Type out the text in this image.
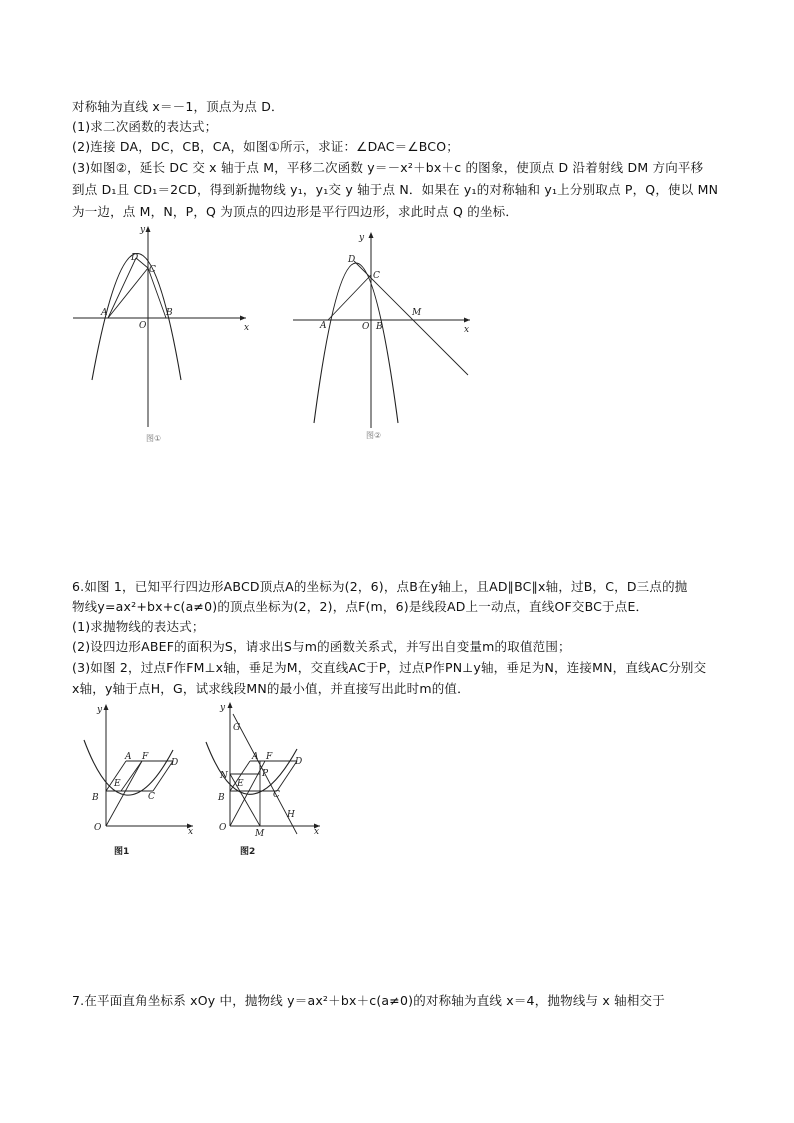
对称轴为直线 x＝－1，顶点为点 D．
(1)求二次函数的表达式；
(2)连接 DA，DC，CB，CA，如图①所示，求证：∠DAC＝∠BCO；
(3)如图②，延长 DC 交 x 轴于点 M，平移二次函数 y＝－x²＋bx＋c 的图象，使顶点 D 沿着射线 DM 方向平移
到点 D₁且 CD₁＝2CD，得到新抛物线 y₁，y₁交 y 轴于点 N．如果在 y₁的对称轴和 y₁上分别取点 P，Q，使以 MN
为一边，点 M，N，P，Q 为顶点的四边形是平行四边形，求此时点 Q 的坐标．
y
x
D
C
A
O
B
图①
y
x
D
C
A	O B
M
图②
6.如图 1，已知平行四边形ABCD顶点A的坐标为(2，6)，点B在y轴上，且AD∥BC∥x轴，过B，C，D三点的抛
物线y=ax²+bx+c(a≠0)的顶点坐标为(2，2)，点F(m，6)是线段AD上一动点，直线OF交BC于点E．
(1)求抛物线的表达式；
(2)设四边形ABEF的面积为S，请求出S与m的函数关系式，并写出自变量m的取值范围；
(3)如图 2，过点F作FM⊥x轴，垂足为M，交直线AC于P，过点P作PN⊥y轴，垂足为N，连接MN，直线AC分别交
x轴，y轴于点H，G，试求线段MN的最小值，并直接写出此时m的值．
y
x
A F
D
E
B	C
O
图1
y
x
G
A F	D
N	P
E
B	C
O
M
H
图2
7.在平面直角坐标系 xOy 中，抛物线 y＝ax²＋bx＋c(a≠0)的对称轴为直线 x＝4，抛物线与 x 轴相交于
